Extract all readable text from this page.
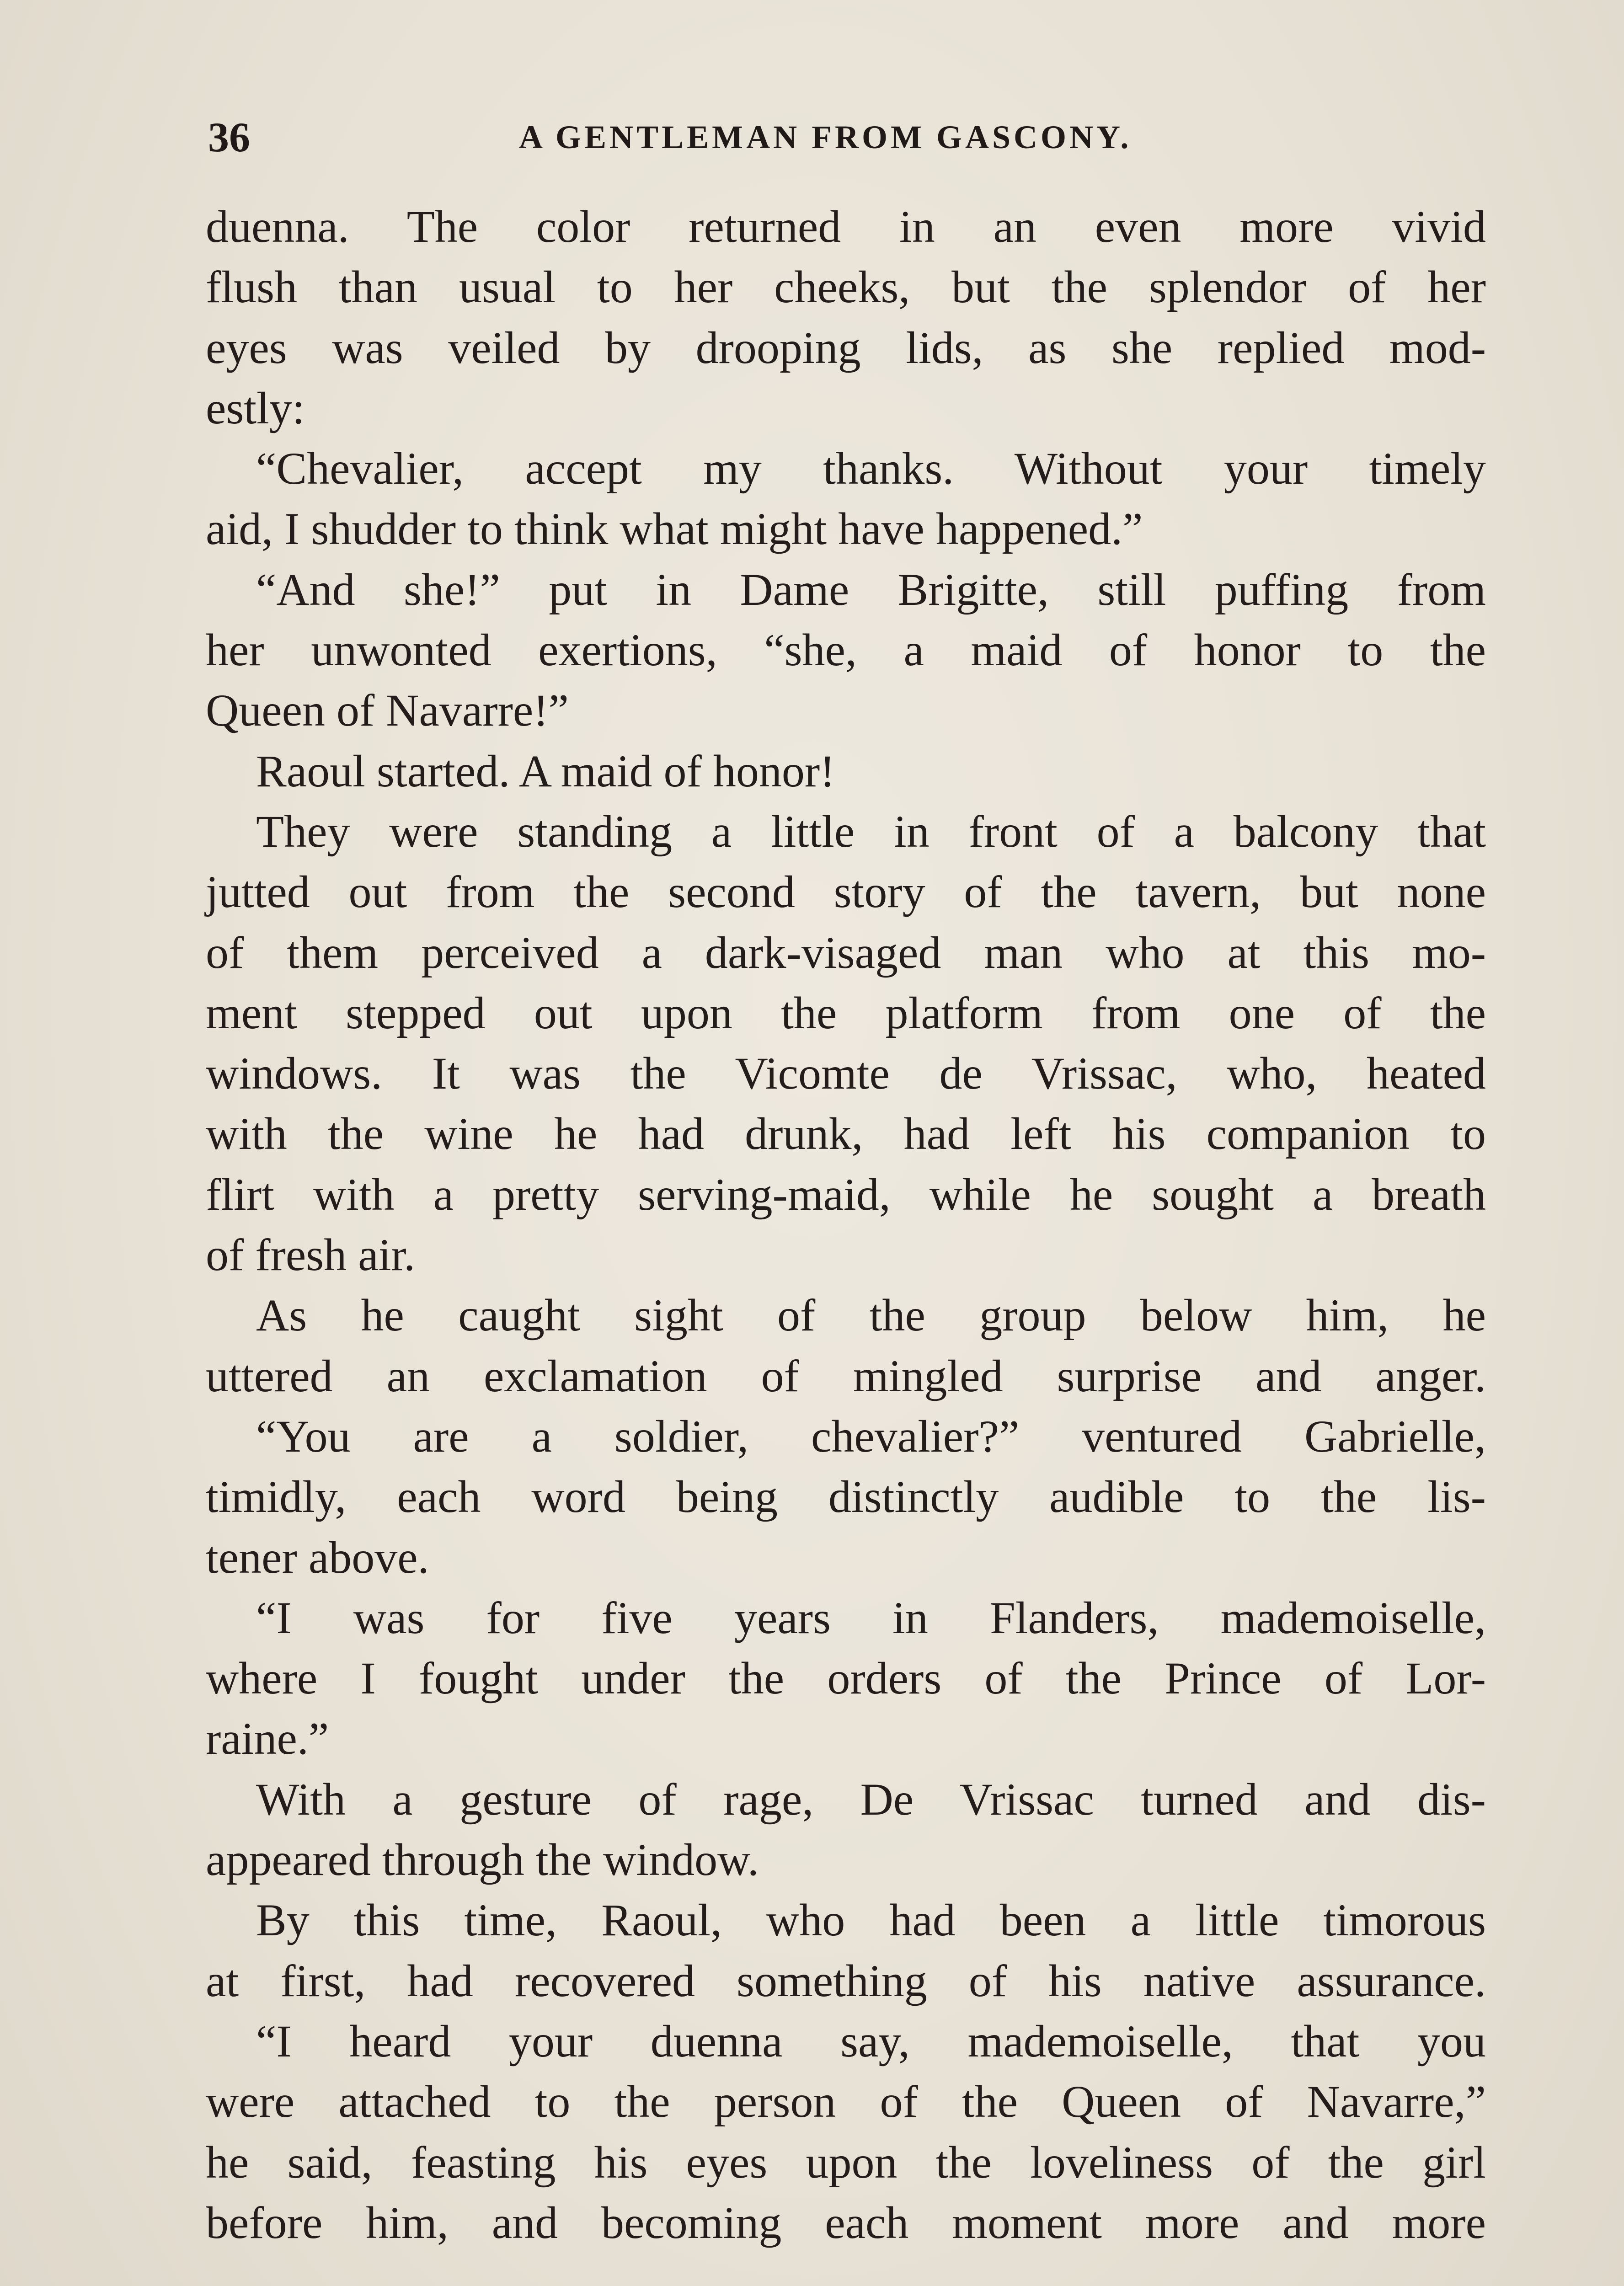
36	A GENTLEMAN FROM GASCONY.
duenna. The color returned in an even more vivid
flush than usual to her cheeks, but the splendor of her
eyes was veiled by drooping lids, as she replied mod-
estly:
“Chevalier, accept my thanks. Without your timely
aid, I shudder to think what might have happened.”
“And she!” put in Dame Brigitte, still puffing from
her unwonted exertions, “she, a maid of honor to the
Queen of Navarre!”
Raoul started. A maid of honor!
They were standing a little in front of a balcony that
jutted out from the second story of the tavern, but none
of them perceived a dark-visaged man who at this mo-
ment stepped out upon the platform from one of the
windows. It was the Vicomte de Vrissac, who, heated
with the wine he had drunk, had left his companion to
flirt with a pretty serving-maid, while he sought a breath
of fresh air.
As he caught sight of the group below him, he
uttered an exclamation of mingled surprise and anger.
“You are a soldier, chevalier?” ventured Gabrielle,
timidly, each word being distinctly audible to the lis-
tener above.
“I was for five years in Flanders, mademoiselle,
where I fought under the orders of the Prince of Lor-
raine.”
With a gesture of rage, De Vrissac turned and dis-
appeared through the window.
By this time, Raoul, who had been a little timorous
at first, had recovered something of his native assurance.
“I heard your duenna say, mademoiselle, that you
were attached to the person of the Queen of Navarre,”
he said, feasting his eyes upon the loveliness of the girl
before him, and becoming each moment more and more
